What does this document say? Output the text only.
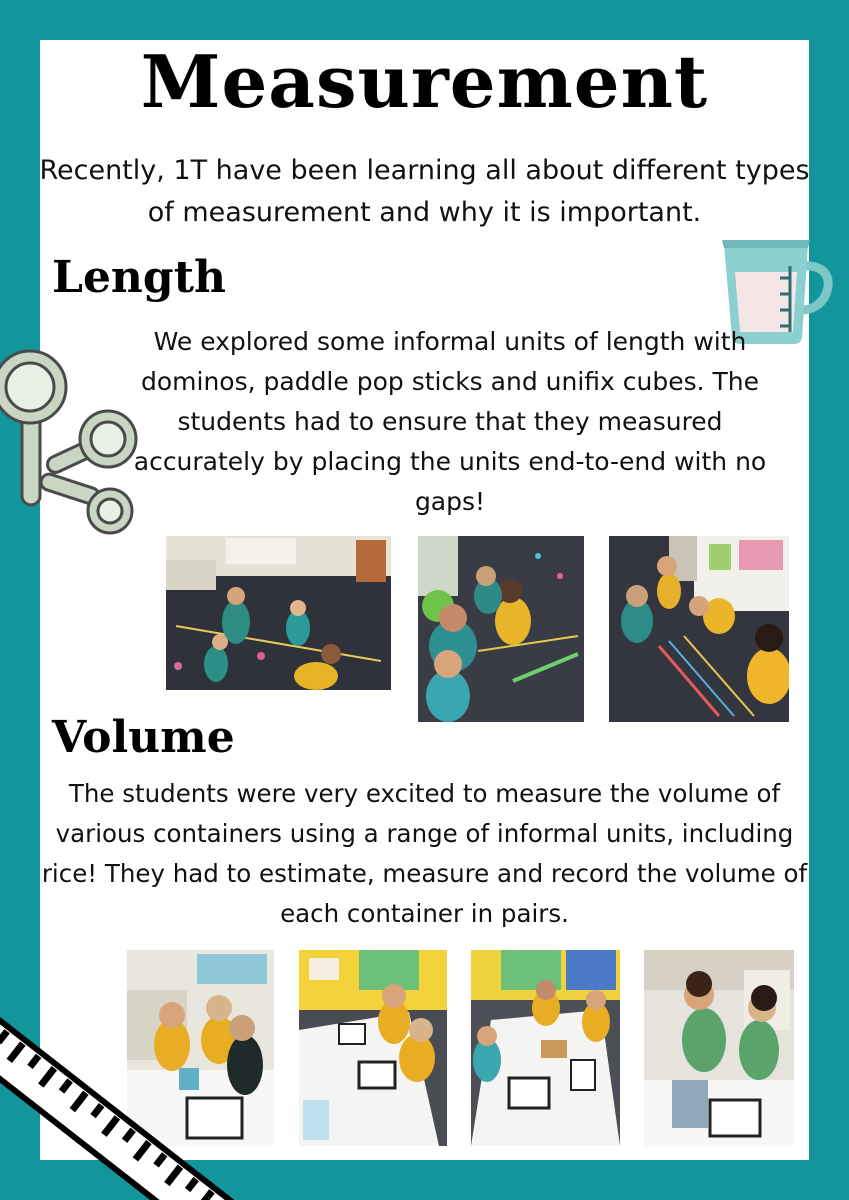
Measurement
Recently, 1T have been learning all about different types of measurement and why it is important.
Length
We explored some informal units of length with dominos, paddle pop sticks and unifix cubes. The students had to ensure that they measured accurately by placing the units end-to-end with no gaps!
Volume
The students were very excited to measure the volume of various containers using a range of informal units, including rice! They had to estimate, measure and record the volume of each container in pairs.
